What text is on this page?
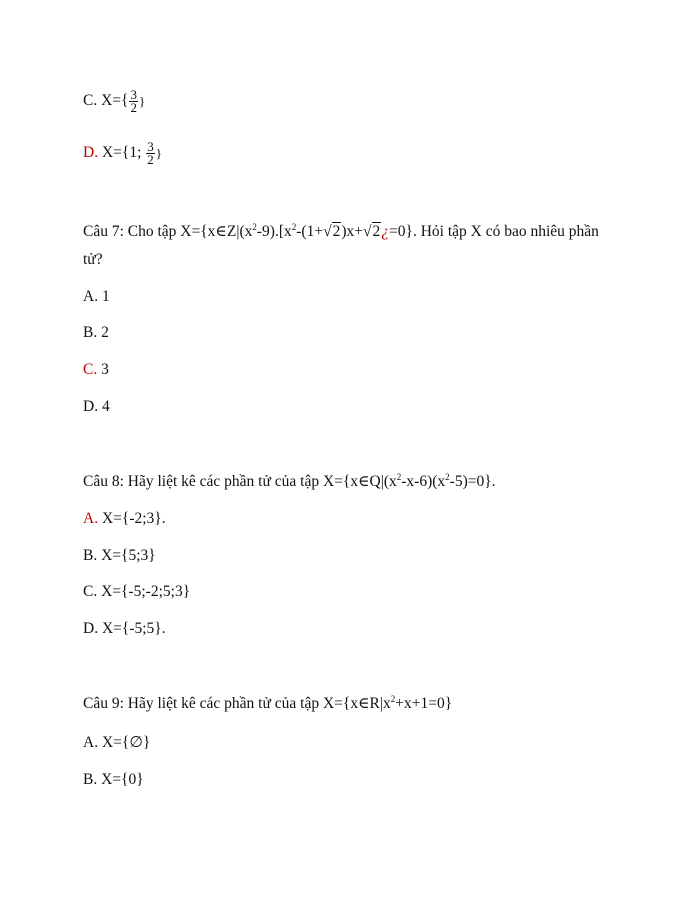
C. $X=\{ \frac{3}{2}$ }
D. X={1; $\frac{3}{2}$ }
Câu 7: Cho tập $X=\{x\in Z|(x^2-9).[x^2-(1+√2)x+√2¿=0\}$. Hỏi tập X có bao nhiêu phần
tử?
A. 1
B. 2
C. 3
D. 4
Câu 8: Hãy liệt kê các phần tử của tập $X=\{x\in Q|(x^2-x-6)(x^2-5)=0\}$.
A. X={-2;3}.
B. X={5;3}
C. X={-5;-2;5;3}
D. X={-5;5}.
Câu 9: Hãy liệt kê các phần tử của tập $X=\{x\in R|x^2+x+1=0\}$
A. X={∅}
B. X={0}
